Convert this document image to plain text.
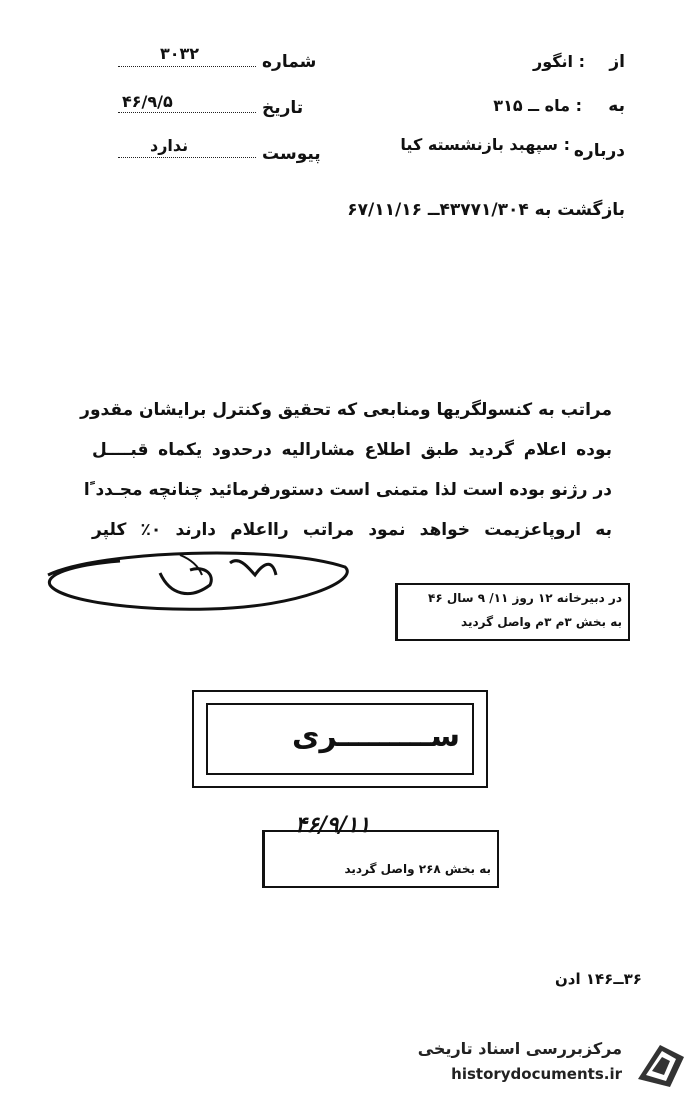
از
: انگور
به
: ماه ــ ۳۱۵
درباره
: سپهبد بازنشسته کیا
شماره
۳۰۳۲
تاریخ
۴۶/۹/۵
پیوست
ندارد
بازگشت به ۴۳۷۷۱/۳۰۴ــ ۶۷/۱۱/۱۶
مراتب به کنسولگریها ومنابعی که تحقیق وکنترل برایشان مقدور
بوده اعلام گردید طبق اطلاع مشارالیه درحدود یکماه قبــــل
در رژنو بوده است لذا متمنی است دستورفرمائید چنانچه مجـدد ًا
به اروپاعزیمت خواهد نمود مراتب رااعلام دارند ۰٪ کلپر
در دبیرخانه ۱۲ روز ۱۱/ ۹ سال ۴۶
به بخش ۳م ۳م واصل گردید
ســـــــــری
۴۶/۹/۱۱
به بخش ۲۶۸ واصل گردید
۳۶ــ۱۴۶ ادن
مرکزبررسی اسناد تاریخی
historydocuments.ir
